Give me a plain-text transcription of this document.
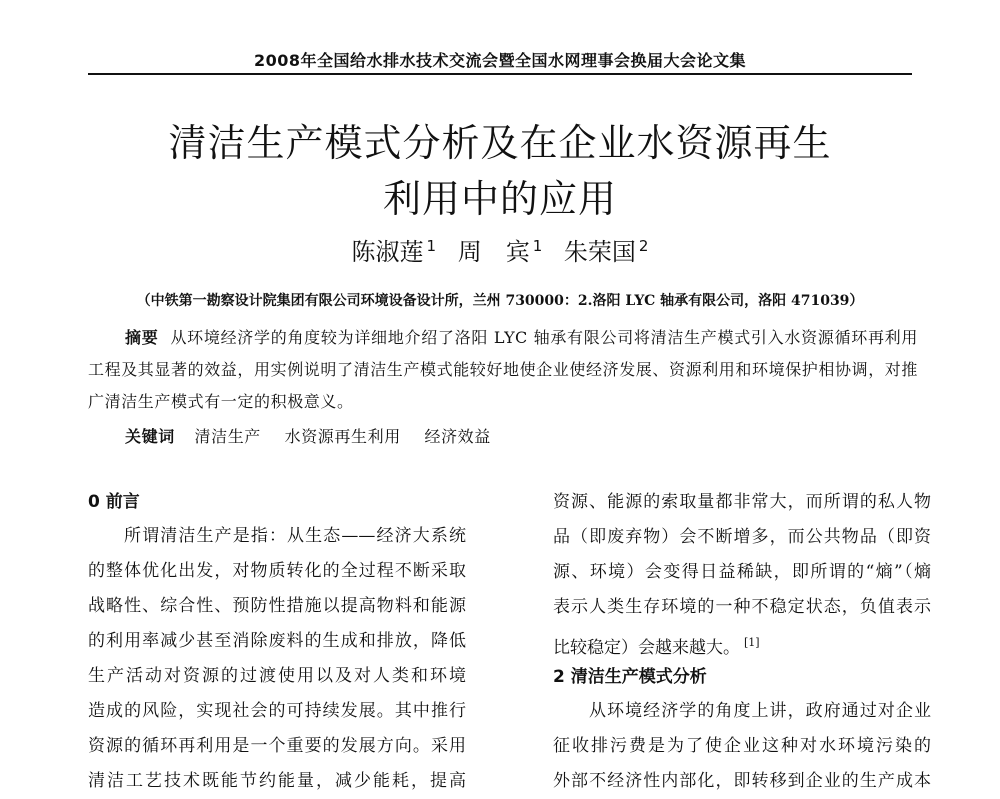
2008年全国给水排水技术交流会暨全国水网理事会换届大会论文集
清洁生产模式分析及在企业水资源再生
利用中的应用
陈淑莲 $^1$ 周　宾 $^1$ 朱荣国 $^2$
（中铁第一勘察设计院集团有限公司环境设备设计所，兰州 730000：2.洛阳 LYC 轴承有限公司，洛阳 471039）

摘要 从环境经济学的角度较为详细地介绍了洛阳 LYC 轴承有限公司将清洁生产模式引入水资源循环再利用工程及其显著的效益，用实例说明了清洁生产模式能较好地使企业使经济发展、资源利用和环境保护相协调，对推广清洁生产模式有一定的积极意义。

关键词 清洁生产 水资源再生利用 经济效益
0 前言
所谓清洁生产是指：从生态——经济大系统
的整体优化出发，对物质转化的全过程不断采取
战略性、综合性、预防性措施以提高物料和能源
的利用率减少甚至消除废料的生成和排放，降低
生产活动对资源的过渡使用以及对人类和环境
造成的风险，实现社会的可持续发展。其中推行
资源的循环再利用是一个重要的发展方向。采用
清洁工艺技术既能节约能量，减少能耗，提高
资源、能源的索取量都非常大，而所谓的私人物
品（即废弃物）会不断增多，而公共物品（即资
源、环境）会变得日益稀缺，即所谓的“熵”（熵
表示人类生存环境的一种不稳定状态，负值表示
比较稳定）会越来越大。 [1]
2 清洁生产模式分析
从环境经济学的角度上讲，政府通过对企业
征收排污费是为了使企业这种对水环境污染的
外部不经济性内部化，即转移到企业的生产成本
